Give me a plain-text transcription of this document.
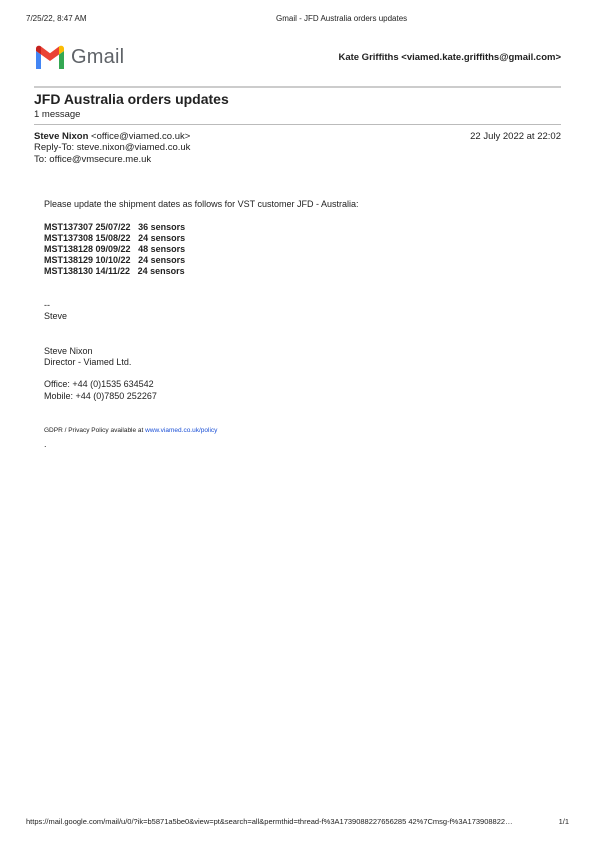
7/25/22, 8:47 AM	Gmail - JFD Australia orders updates
Gmail	Kate Griffiths <viamed.kate.griffiths@gmail.com>
JFD Australia orders updates
1 message
Steve Nixon <office@viamed.co.uk>	22 July 2022 at 22:02
Reply-To: steve.nixon@viamed.co.uk
To: office@vmsecure.me.uk
Please update the shipment dates as follows for VST customer JFD - Australia:
MST137307 25/07/22   36 sensors
MST137308 15/08/22   24 sensors
MST138128 09/09/22   48 sensors
MST138129 10/10/22   24 sensors
MST138130 14/11/22   24 sensors
--
Steve
Steve Nixon
Director - Viamed Ltd.
Office: +44 (0)1535 634542
Mobile: +44 (0)7850 252267
GDPR / Privacy Policy available at www.viamed.co.uk/policy
.
https://mail.google.com/mail/u/0/?ik=b5871a5be0&view=pt&search=all&permthid=thread-f%3A1739088227656285 42%7Cmsg-f%3A173908822…	1/1
